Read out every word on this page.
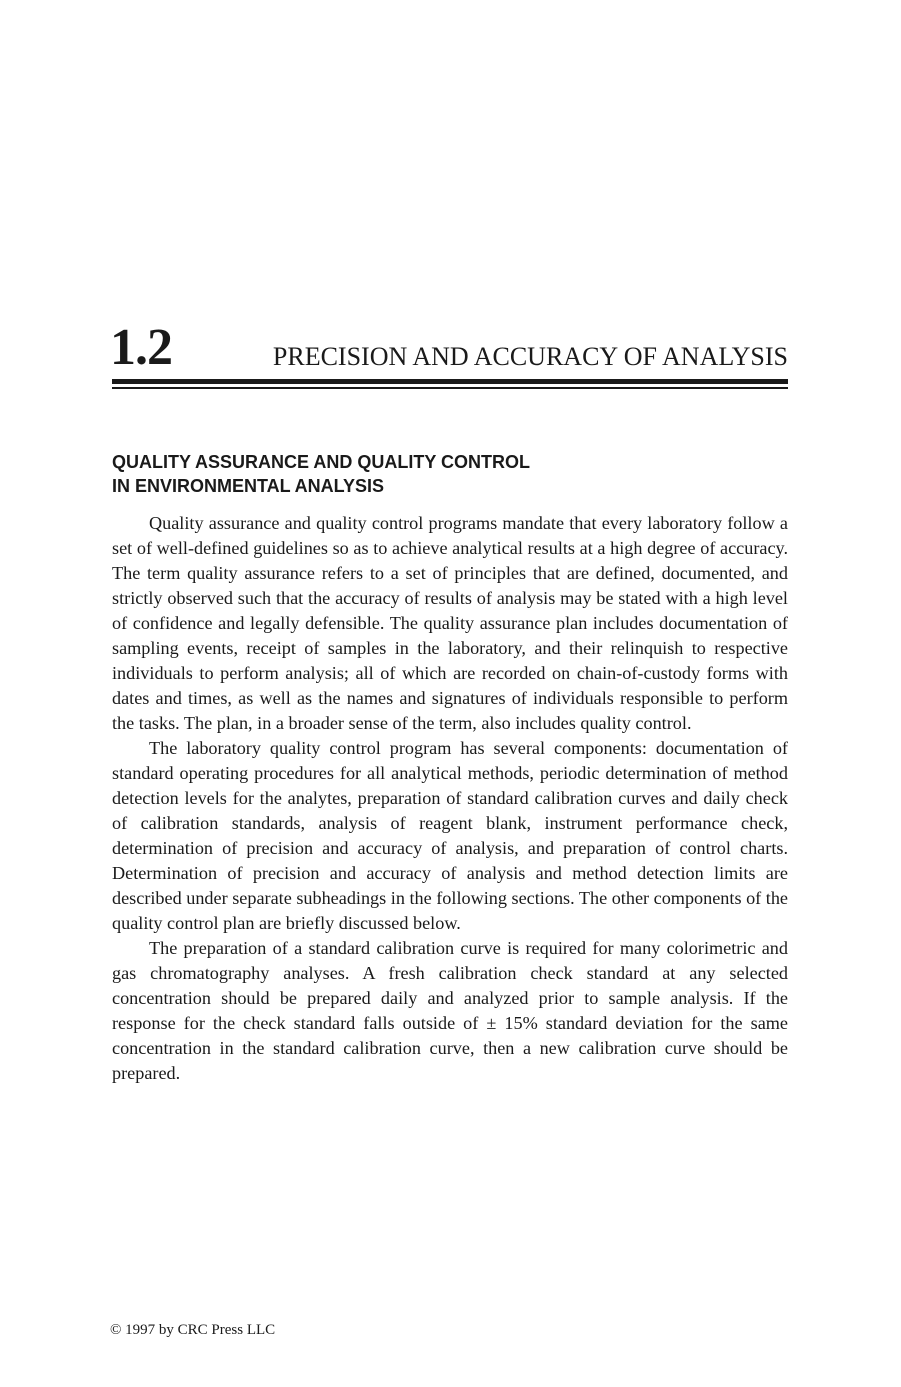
1.2	PRECISION AND ACCURACY OF ANALYSIS
QUALITY ASSURANCE AND QUALITY CONTROL
IN ENVIRONMENTAL ANALYSIS

Quality assurance and quality control programs mandate that every laboratory follow a set of well-defined guidelines so as to achieve analytical results at a high degree of accuracy. The term quality assurance refers to a set of principles that are defined, documented, and strictly observed such that the accuracy of results of analysis may be stated with a high level of confidence and legally defensible. The quality assurance plan includes documentation of sampling events, receipt of samples in the laboratory, and their relinquish to respective individuals to perform analysis; all of which are recorded on chain-of-custody forms with dates and times, as well as the names and signatures of individuals responsible to perform the tasks. The plan, in a broader sense of the term, also includes quality control.

The laboratory quality control program has several components: documentation of standard operating procedures for all analytical methods, periodic determination of method detection levels for the analytes, preparation of standard calibration curves and daily check of calibration standards, analysis of reagent blank, instrument performance check, determination of precision and accuracy of analysis, and preparation of control charts. Determination of precision and accuracy of analysis and method detection limits are described under separate subheadings in the following sections. The other components of the quality control plan are briefly discussed below.

The preparation of a standard calibration curve is required for many colorimetric and gas chromatography analyses. A fresh calibration check standard at any selected concentration should be prepared daily and analyzed prior to sample analysis. If the response for the check standard falls outside of ± 15% standard deviation for the same concentration in the standard calibration curve, then a new calibration curve should be prepared.

© 1997 by CRC Press LLC
